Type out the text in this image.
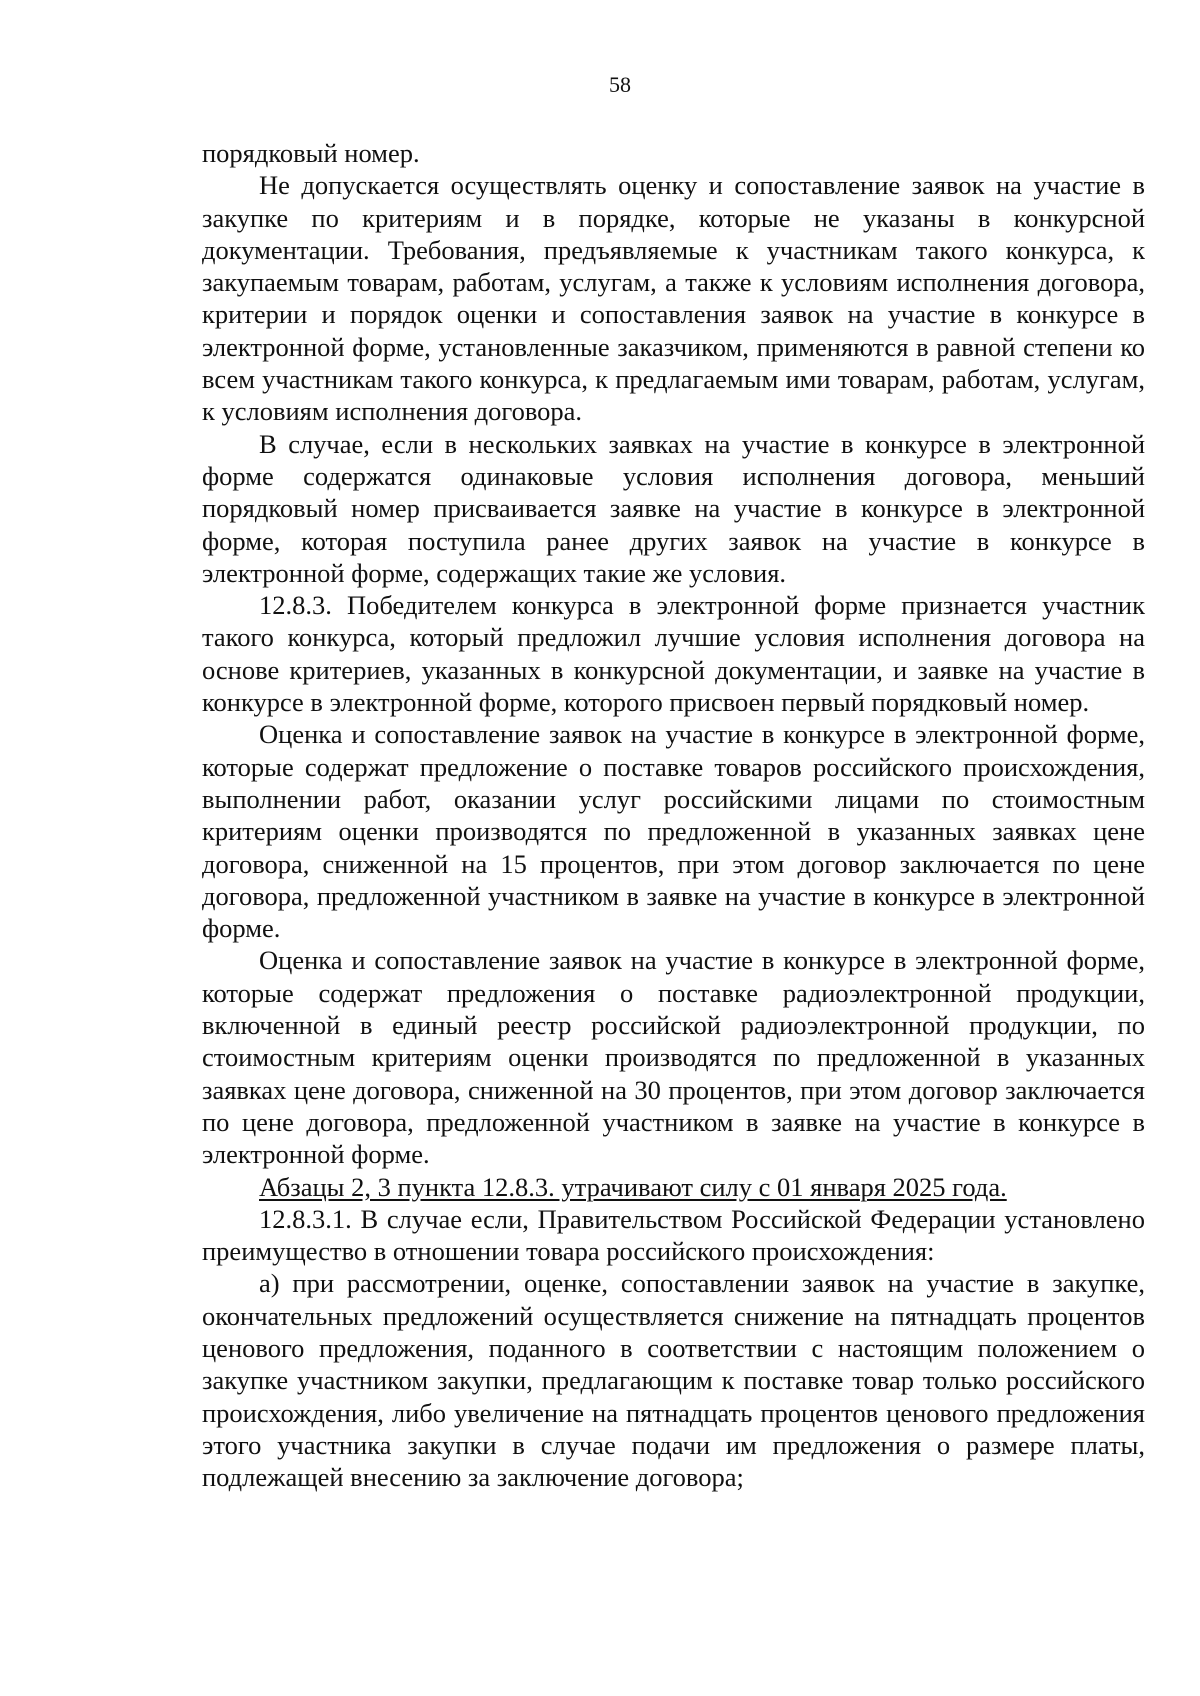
58

порядковый номер.

Не допускается осуществлять оценку и сопоставление заявок на участие в закупке по критериям и в порядке, которые не указаны в конкурсной документации. Требования, предъявляемые к участникам такого конкурса, к закупаемым товарам, работам, услугам, а также к условиям исполнения договора, критерии и порядок оценки и сопоставления заявок на участие в конкурсе в электронной форме, установленные заказчиком, применяются в равной степени ко всем участникам такого конкурса, к предлагаемым ими товарам, работам, услугам, к условиям исполнения договора.

В случае, если в нескольких заявках на участие в конкурсе в электронной форме содержатся одинаковые условия исполнения договора, меньший порядковый номер присваивается заявке на участие в конкурсе в электронной форме, которая поступила ранее других заявок на участие в конкурсе в электронной форме, содержащих такие же условия.

12.8.3. Победителем конкурса в электронной форме признается участник такого конкурса, который предложил лучшие условия исполнения договора на основе критериев, указанных в конкурсной документации, и заявке на участие в конкурсе в электронной форме, которого присвоен первый порядковый номер.

Оценка и сопоставление заявок на участие в конкурсе в электронной форме, которые содержат предложение о поставке товаров российского происхождения, выполнении работ, оказании услуг российскими лицами по стоимостным критериям оценки производятся по предложенной в указанных заявках цене договора, сниженной на 15 процентов, при этом договор заключается по цене договора, предложенной участником в заявке на участие в конкурсе в электронной форме.

Оценка и сопоставление заявок на участие в конкурсе в электронной форме, которые содержат предложения о поставке радиоэлектронной продукции, включенной в единый реестр российской радиоэлектронной продукции, по стоимостным критериям оценки производятся по предложенной в указанных заявках цене договора, сниженной на 30 процентов, при этом договор заключается по цене договора, предложенной участником в заявке на участие в конкурсе в электронной форме.

Абзацы 2, 3 пункта 12.8.3. утрачивают силу с 01 января 2025 года.

12.8.3.1. В случае если, Правительством Российской Федерации установлено преимущество в отношении товара российского происхождения:

а) при рассмотрении, оценке, сопоставлении заявок на участие в закупке, окончательных предложений осуществляется снижение на пятнадцать процентов ценового предложения, поданного в соответствии с настоящим положением о закупке участником закупки, предлагающим к поставке товар только российского происхождения, либо увеличение на пятнадцать процентов ценового предложения этого участника закупки в случае подачи им предложения о размере платы, подлежащей внесению за заключение договора;
